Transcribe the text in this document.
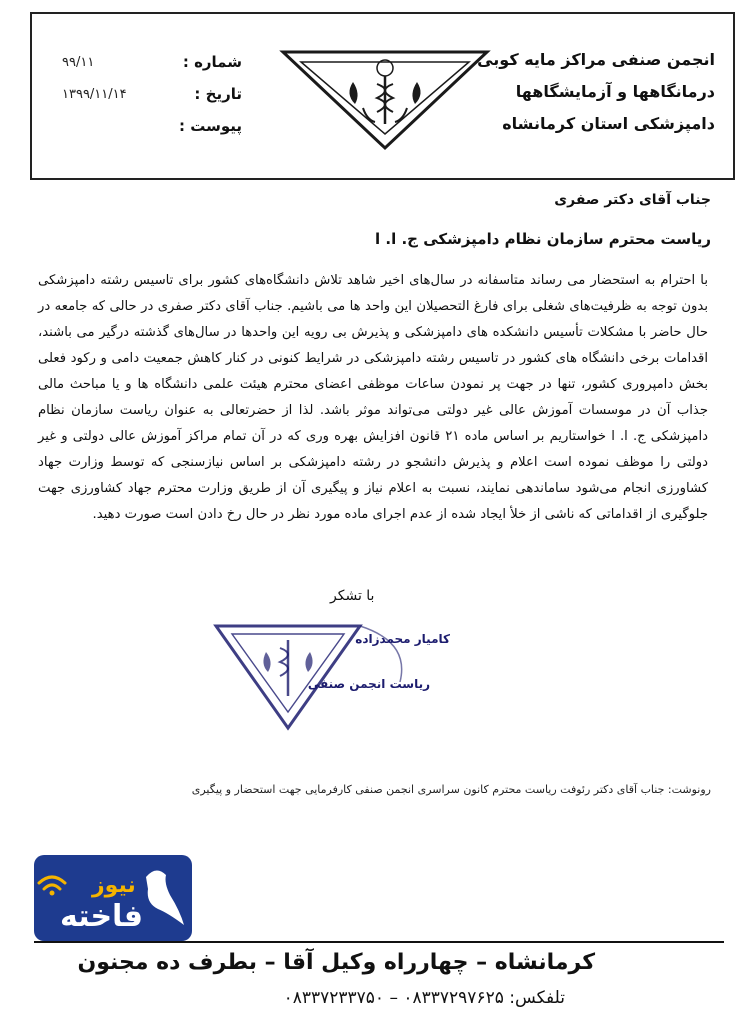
انجمن صنفی مراکز مایه کوبی
درمانگاهها و آزمایشگاهها
دامپزشکی استان کرمانشاه
شماره :
۹۹/۱۱
تاریخ :
۱۳۹۹/۱۱/۱۴
پیوست :
جناب آقای دکتر صفری
ریاست محترم سازمان نظام دامپزشکی ج. ا. ا

با احترام به استحضار می رساند متاسفانه در سال‌های اخیر شاهد تلاش دانشگاه‌های کشور برای تاسیس رشته دامپزشکی بدون توجه به ظرفیت‌های شغلی برای فارغ التحصیلان این واحد ها می باشیم. جناب آقای دکتر صفری در حالی که جامعه در حال حاضر با مشکلات تأسیس دانشکده های دامپزشکی و پذیرش بی رویه این واحدها در سال‌های گذشته درگیر می باشند، اقدامات برخی دانشگاه های کشور در تاسیس رشته دامپزشکی در شرایط کنونی در کنار کاهش جمعیت دامی و رکود فعلی بخش دامپروری کشور، تنها در جهت پر نمودن ساعات موظفی اعضای محترم هیئت علمی دانشگاه ها و یا مباحث مالی جذاب آن در موسسات آموزش عالی غیر دولتی می‌تواند موثر باشد. لذا از حضرتعالی به عنوان ریاست سازمان نظام دامپزشکی ج. ا. ا خواستاریم بر اساس ماده ۲۱ قانون افزایش بهره وری که در آن تمام مراکز آموزش عالی دولتی و غیر دولتی را موظف نموده است اعلام و پذیرش دانشجو در رشته دامپزشکی بر اساس نیازسنجی که توسط وزارت جهاد کشاورزی انجام می‌شود ساماندهی نمایند، نسبت به اعلام نیاز و پیگیری آن از طریق وزارت محترم جهاد کشاورزی جهت جلوگیری از اقداماتی که ناشی از خلأ ایجاد شده از عدم اجرای ماده مورد نظر در حال رخ دادن است صورت دهید.

با تشکر
کامیار محمدزاده
ریاست انجمن صنفی
رونوشت: جناب آقای دکتر رئوفت ریاست محترم کانون سراسری انجمن صنفی کارفرمایی جهت استحضار و پیگیری
نیوز
فاخته
کرمانشاه – چهارراه وکیل آقا – بطرف ده مجنون
تلفکس: ۰۸۳۳۷۲۹۷۶۲۵ – ۰۸۳۳۷۲۳۳۷۵۰
